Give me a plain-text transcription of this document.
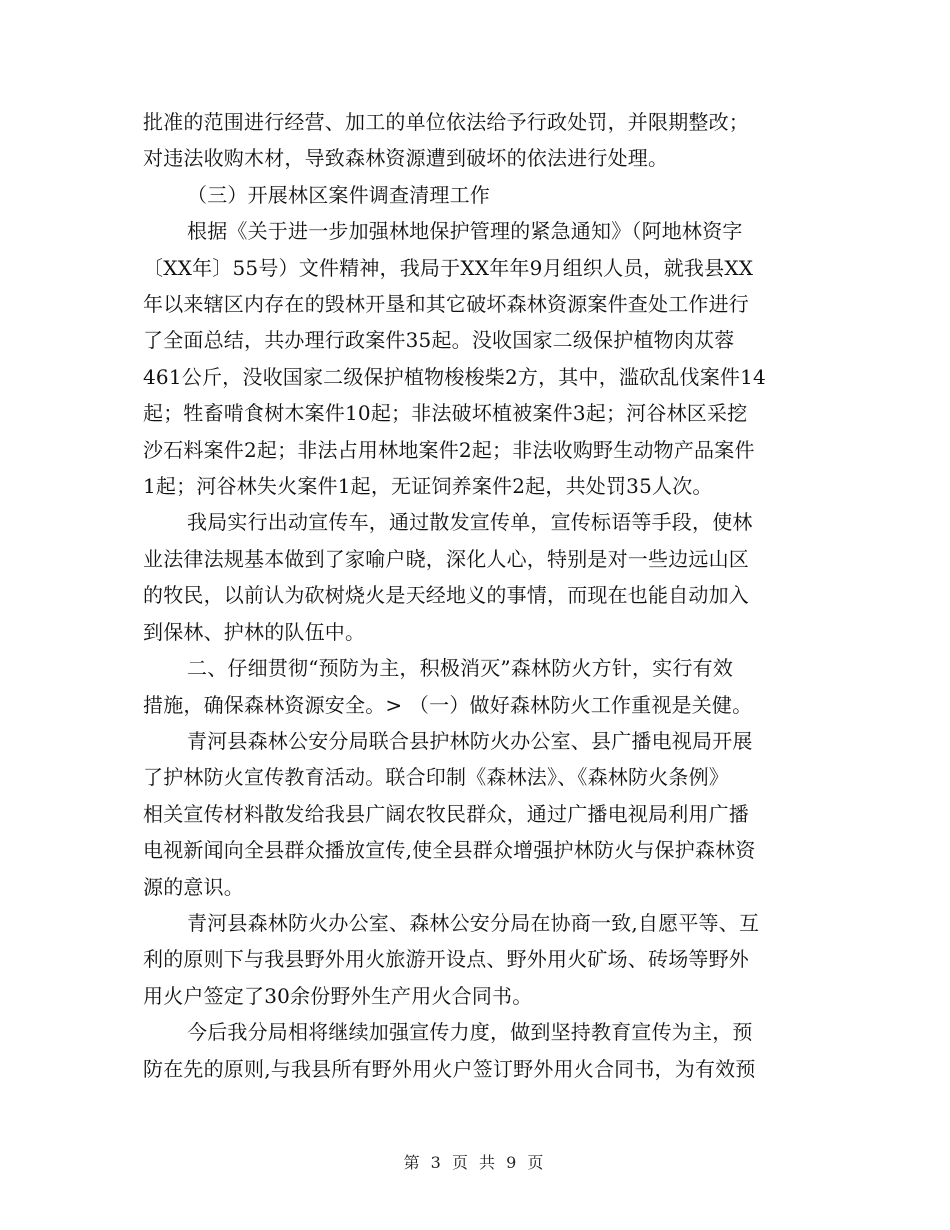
批准的范围进行经营、加工的单位依法给予行政处罚，并限期整改；
对违法收购木材，导致森林资源遭到破坏的依法进行处理。
（三）开展林区案件调查清理工作
根据《关于进一步加强林地保护管理的紧急通知》（阿地林资字
〔XX年〕55号）文件精神，我局于XX年年9月组织人员，就我县XX
年以来辖区内存在的毁林开垦和其它破坏森林资源案件查处工作进行
了全面总结，共办理行政案件35起。没收国家二级保护植物肉苁蓉
461公斤，没收国家二级保护植物梭梭柴2方，其中，滥砍乱伐案件14
起；牲畜啃食树木案件10起；非法破坏植被案件3起；河谷林区采挖
沙石料案件2起；非法占用林地案件2起；非法收购野生动物产品案件
1起；河谷林失火案件1起，无证饲养案件2起，共处罚35人次。
我局实行出动宣传车，通过散发宣传单，宣传标语等手段，使林
业法律法规基本做到了家喻户晓，深化人心，特别是对一些边远山区
的牧民，以前认为砍树烧火是天经地义的事情，而现在也能自动加入
到保林、护林的队伍中。
二、仔细贯彻“预防为主，积极消灭”森林防火方针，实行有效
措施，确保森林资源安全。> （一）做好森林防火工作重视是关健。
青河县森林公安分局联合县护林防火办公室、县广播电视局开展
了护林防火宣传教育活动。联合印制《森林法》、《森林防火条例》
相关宣传材料散发给我县广阔农牧民群众，通过广播电视局利用广播
电视新闻向全县群众播放宣传,使全县群众增强护林防火与保护森林资
源的意识。
青河县森林防火办公室、森林公安分局在协商一致,自愿平等、互
利的原则下与我县野外用火旅游开设点、野外用火矿场、砖场等野外
用火户签定了30余份野外生产用火合同书。
今后我分局相将继续加强宣传力度，做到坚持教育宣传为主，预
防在先的原则,与我县所有野外用火户签订野外用火合同书，为有效预
第 3 页 共 9 页
